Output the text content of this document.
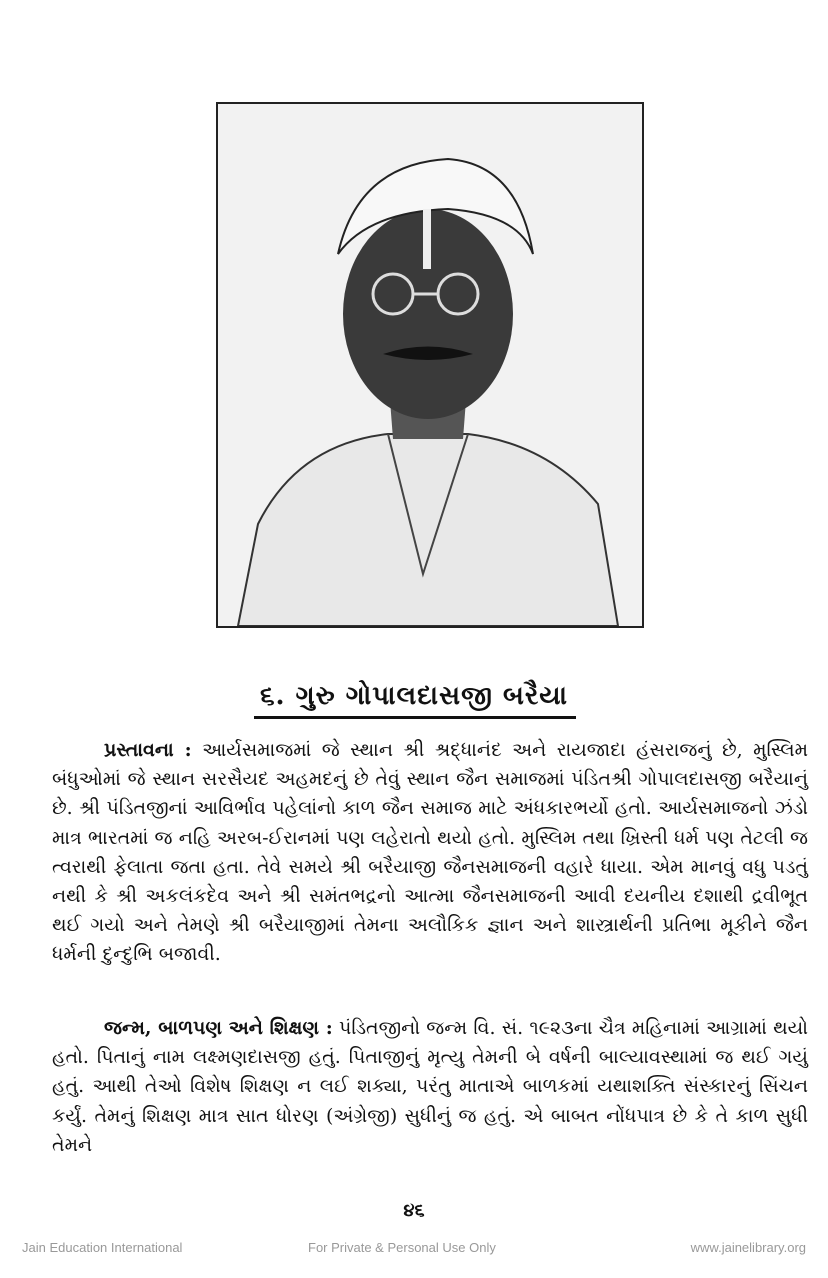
૬. ગુરુ ગોપાલદાસજી બરૈયા

પ્રસ્તાવના : આર્યસમાજમાં જે સ્થાન શ્રી શ્રદ્ધાનંદ અને રાયજાદા હંસરાજનું છે, મુસ્લિમ બંધુઓમાં જે સ્થાન સરસૈયદ અહમદનું છે તેવું સ્થાન જૈન સમાજમાં પંડિતશ્રી ગોપાલદાસજી બરૈયાનું છે. શ્રી પંડિતજીનાં આવિર્ભાવ પહેલાંનો કાળ જૈન સમાજ માટે અંધકારભર્યો હતો. આર્યસમાજનો ઝંડો માત્ર ભારતમાં જ નહિ અરબ-ઈરાનમાં પણ લહેરાતો થયો હતો. મુસ્લિમ તથા ખ્રિસ્તી ધર્મ પણ તેટલી જ ત્વરાથી ફેલાતા જતા હતા. તેવે સમયે શ્રી બરૈયાજી જૈનસમાજની વહારે ધાયા. એમ માનવું વધુ પડતું નથી કે શ્રી અકલંકદેવ અને શ્રી સમંતભદ્રનો આત્મા જૈનસમાજની આવી દયનીય દશાથી દ્રવીભૂત થઈ ગયો અને તેમણે શ્રી બરૈયાજીમાં તેમના અલૌકિક જ્ઞાન અને શાસ્ત્રાર્થની પ્રતિભા મૂકીને જૈન ધર્મની દુન્દુભિ બજાવી.

જન્મ, બાળપણ અને શિક્ષણ : પંડિતજીનો જન્મ વિ. સં. ૧૯૨૩ના ચૈત્ર મહિનામાં આગ્રામાં થયો હતો. પિતાનું નામ લક્ષ્મણદાસજી હતું. પિતાજીનું મૃત્યુ તેમની બે વર્ષની બાલ્યાવસ્થામાં જ થઈ ગયું હતું. આથી તેઓ વિશેષ શિક્ષણ ન લઈ શક્યા, પરંતુ માતાએ બાળકમાં યથાશક્તિ સંસ્કારનું સિંચન કર્યું. તેમનું શિક્ષણ માત્ર સાત ધોરણ (અંગ્રેજી) સુધીનું જ હતું. એ બાબત નોંધપાત્ર છે કે તે કાળ સુધી તેમને

૪૬
Jain Education International	For Private & Personal Use Only	www.jainelibrary.org
